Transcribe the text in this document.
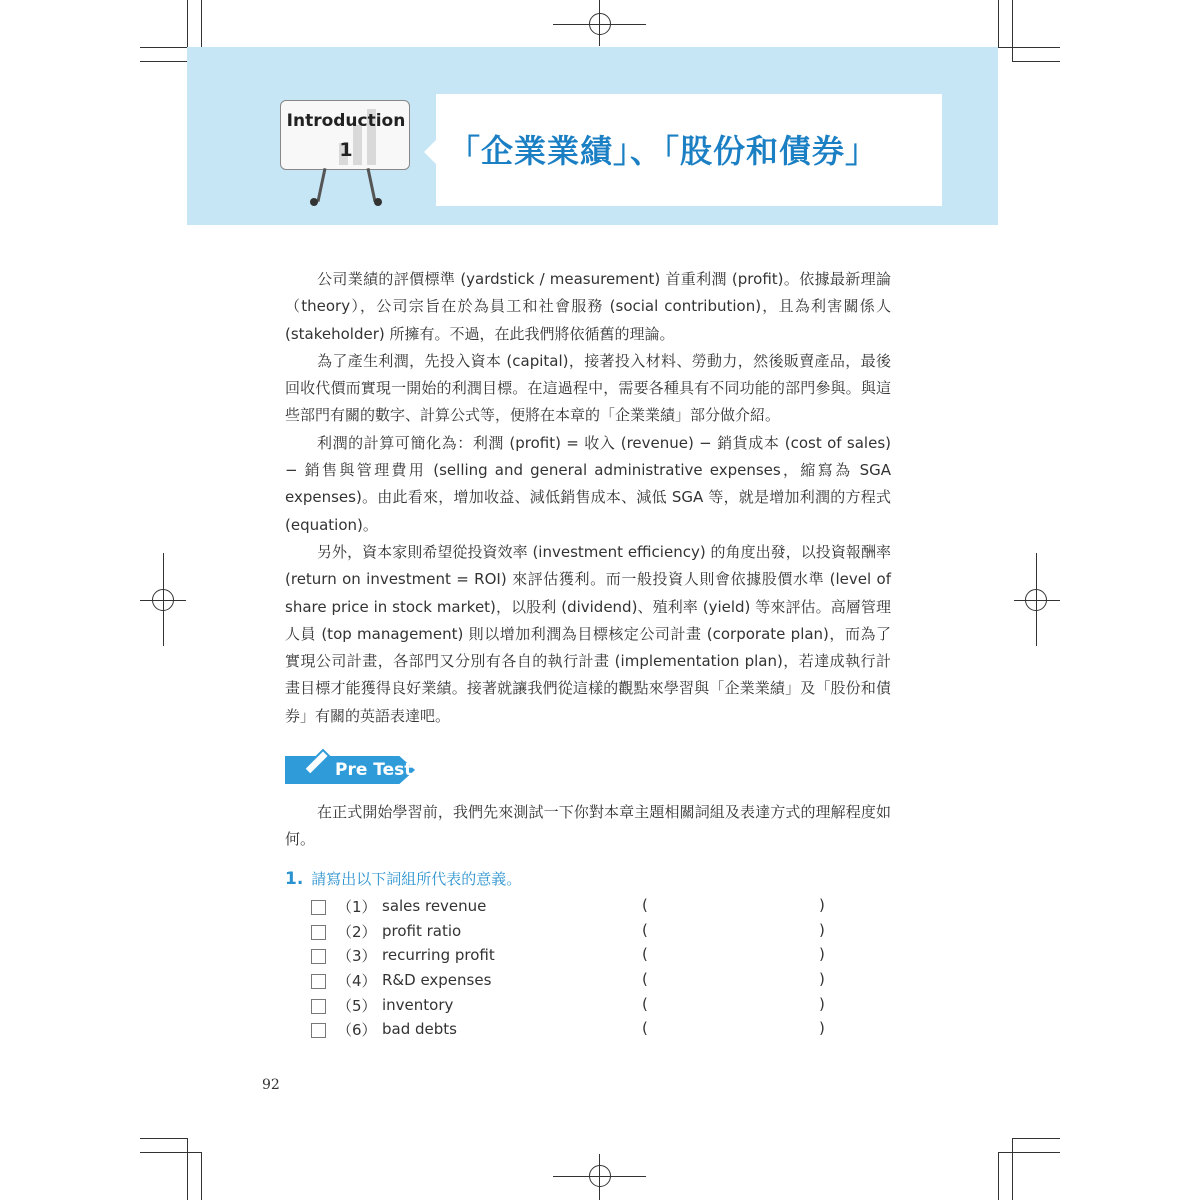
Introduction
1	「企業業績」、「股份和債券」

公司業績的評價標準 (yardstick / measurement) 首重利潤 (profit)。依據最新理論（theory），公司宗旨在於為員工和社會服務 (social contribution)，且為利害關係人 (stakeholder) 所擁有。不過，在此我們將依循舊的理論。

為了產生利潤，先投入資本 (capital)，接著投入材料、勞動力，然後販賣產品，最後回收代價而實現一開始的利潤目標。在這過程中，需要各種具有不同功能的部門參與。與這些部門有關的數字、計算公式等，便將在本章的「企業業績」部分做介紹。

利潤的計算可簡化為：利潤 (profit) = 收入 (revenue) − 銷貨成本 (cost of sales) − 銷售與管理費用 (selling and general administrative expenses，縮寫為 SGA expenses)。由此看來，增加收益、減低銷售成本、減低 SGA 等，就是增加利潤的方程式 (equation)。

另外，資本家則希望從投資效率 (investment efficiency) 的角度出發，以投資報酬率 (return on investment = ROI) 來評估獲利。而一般投資人則會依據股價水準 (level of share price in stock market)，以股利 (dividend)、殖利率 (yield) 等來評估。高層管理人員 (top management) 則以增加利潤為目標核定公司計畫 (corporate plan)，而為了實現公司計畫，各部門又分別有各自的執行計畫 (implementation plan)，若達成執行計畫目標才能獲得良好業績。接著就讓我們從這樣的觀點來學習與「企業業績」及「股份和債券」有關的英語表達吧。

Pre Test

在正式開始學習前，我們先來測試一下你對本章主題相關詞組及表達方式的理解程度如何。

1. 請寫出以下詞組所代表的意義。
（1） sales revenue	(	)
（2） profit ratio	(	)
（3） recurring profit	(	)
（4） R&D expenses	(	)
（5） inventory	(	)
（6） bad debts	(	)
92
